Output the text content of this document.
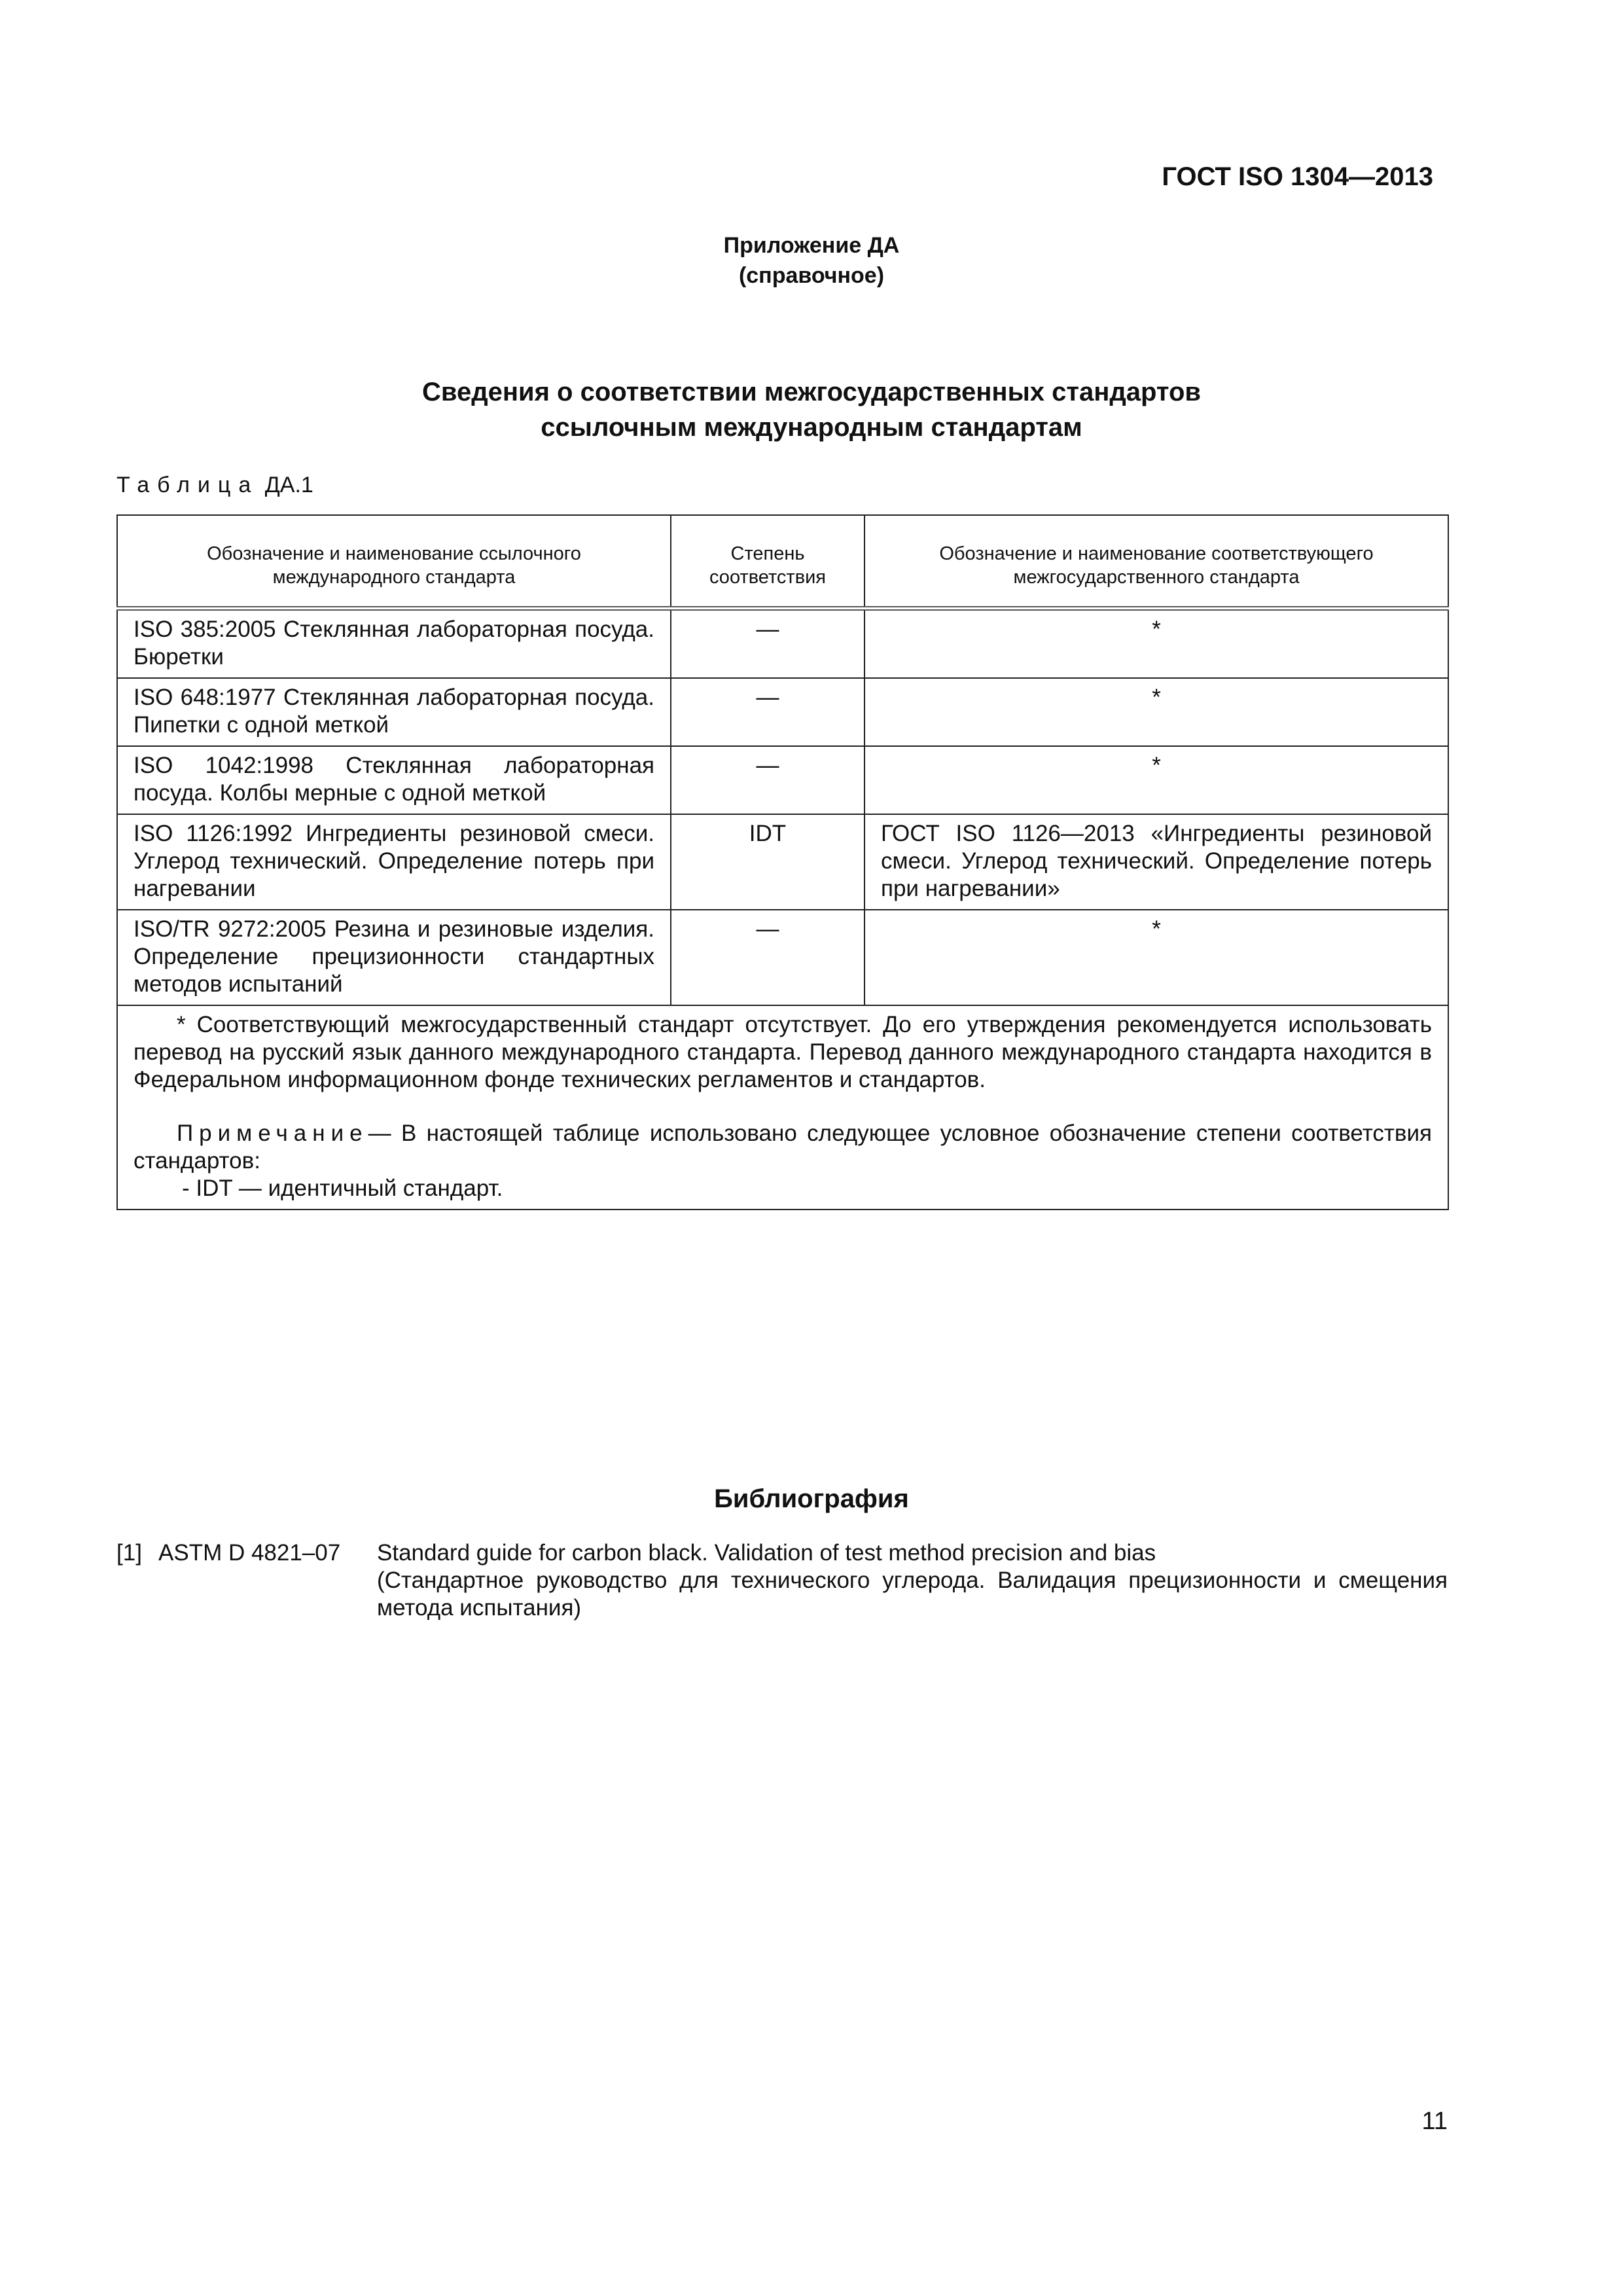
ГОСТ ISO 1304—2013
Приложение ДА
(справочное)
Сведения о соответствии межгосударственных стандартов
ссылочным международным стандартам
Таблица ДА.1
Обозначение и наименование ссылочного международного стандарта	Степень соответствия	Обозначение и наименование соответствующего межгосударственного стандарта
ISO 385:2005 Стеклянная лабораторная посуда. Бюретки	—	*
ISO 648:1977 Стеклянная лабораторная посуда. Пипетки с одной меткой	—	*
ISO 1042:1998 Стеклянная лабораторная посуда. Колбы мерные с одной меткой	—	*
ISO 1126:1992 Ингредиенты резиновой смеси. Углерод технический. Определение потерь при нагревании	IDT	ГОСТ ISO 1126—2013 «Ингредиенты резиновой смеси. Углерод технический. Определение потерь при нагревании»
ISO/TR 9272:2005 Резина и резиновые изделия. Определение прецизионности стандартных методов испытаний	—	*

* Соответствующий межгосударственный стандарт отсутствует. До его утверждения рекомендуется использовать перевод на русский язык данного международного стандарта. Перевод данного международного стандарта находится в Федеральном информационном фонде технических регламентов и стандартов.

Примечание— В настоящей таблице использовано следующее условное обозначение степени соответствия стандартов:

- IDT — идентичный стандарт.		

Библиография
[1] ASTM D 4821–07	Standard guide for carbon black. Validation of test method precision and bias
(Стандартное руководство для технического углерода. Валидация прецизионности и смещения метода испытания)
11
